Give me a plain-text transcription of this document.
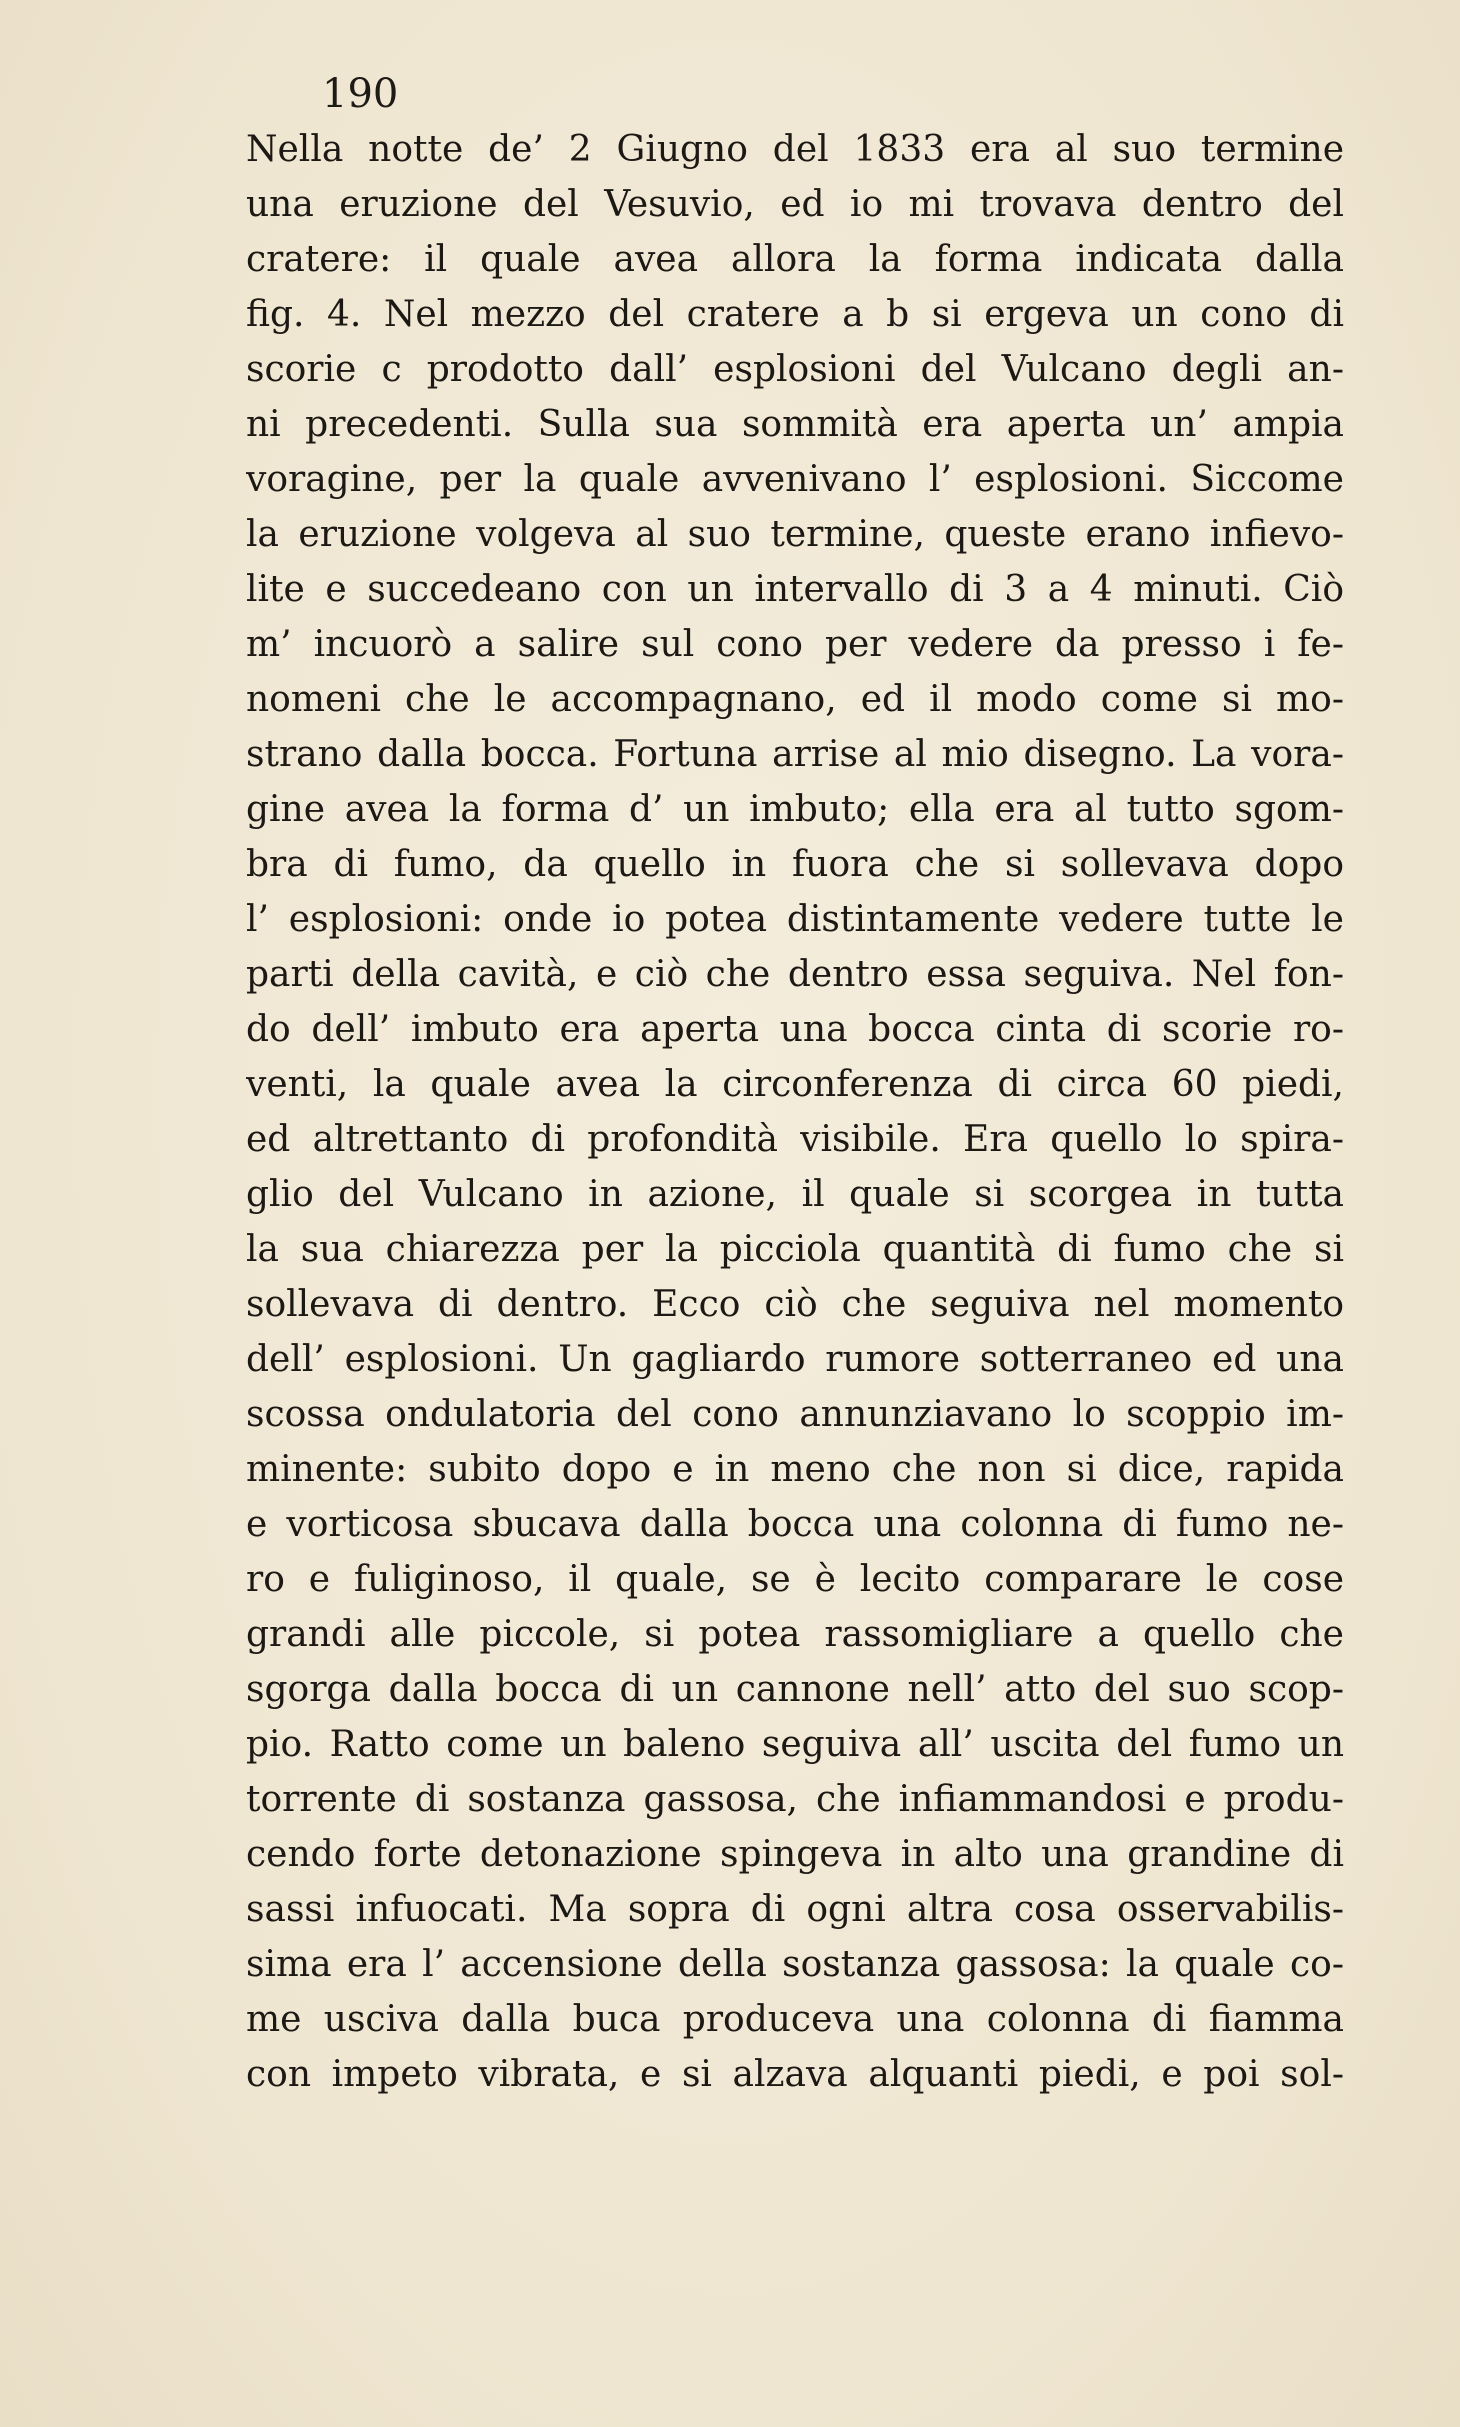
190
Nella notte de’ 2 Giugno del 1833 era al suo termine
una eruzione del Vesuvio, ed io mi trovava dentro del
cratere: il quale avea allora la forma indicata dalla
fig. 4. Nel mezzo del cratere a b si ergeva un cono di
scorie c prodotto dall’ esplosioni del Vulcano degli an-
ni precedenti. Sulla sua sommità era aperta un’ ampia
voragine, per la quale avvenivano l’ esplosioni. Siccome
la eruzione volgeva al suo termine, queste erano infievo-
lite e succedeano con un intervallo di 3 a 4 minuti. Ciò
m’ incuorò a salire sul cono per vedere da presso i fe-
nomeni che le accompagnano, ed il modo come si mo-
strano dalla bocca. Fortuna arrise al mio disegno. La vora-
gine avea la forma d’ un imbuto; ella era al tutto sgom-
bra di fumo, da quello in fuora che si sollevava dopo
l’ esplosioni: onde io potea distintamente vedere tutte le
parti della cavità, e ciò che dentro essa seguiva. Nel fon-
do dell’ imbuto era aperta una bocca cinta di scorie ro-
venti, la quale avea la circonferenza di circa 60 piedi,
ed altrettanto di profondità visibile. Era quello lo spira-
glio del Vulcano in azione, il quale si scorgea in tutta
la sua chiarezza per la picciola quantità di fumo che si
sollevava di dentro. Ecco ciò che seguiva nel momento
dell’ esplosioni. Un gagliardo rumore sotterraneo ed una
scossa ondulatoria del cono annunziavano lo scoppio im-
minente: subito dopo e in meno che non si dice, rapida
e vorticosa sbucava dalla bocca una colonna di fumo ne-
ro e fuliginoso, il quale, se è lecito comparare le cose
grandi alle piccole, si potea rassomigliare a quello che
sgorga dalla bocca di un cannone nell’ atto del suo scop-
pio. Ratto come un baleno seguiva all’ uscita del fumo un
torrente di sostanza gassosa, che infiammandosi e produ-
cendo forte detonazione spingeva in alto una grandine di
sassi infuocati. Ma sopra di ogni altra cosa osservabilis-
sima era l’ accensione della sostanza gassosa: la quale co-
me usciva dalla buca produceva una colonna di fiamma
con impeto vibrata, e si alzava alquanti piedi, e poi sol-
